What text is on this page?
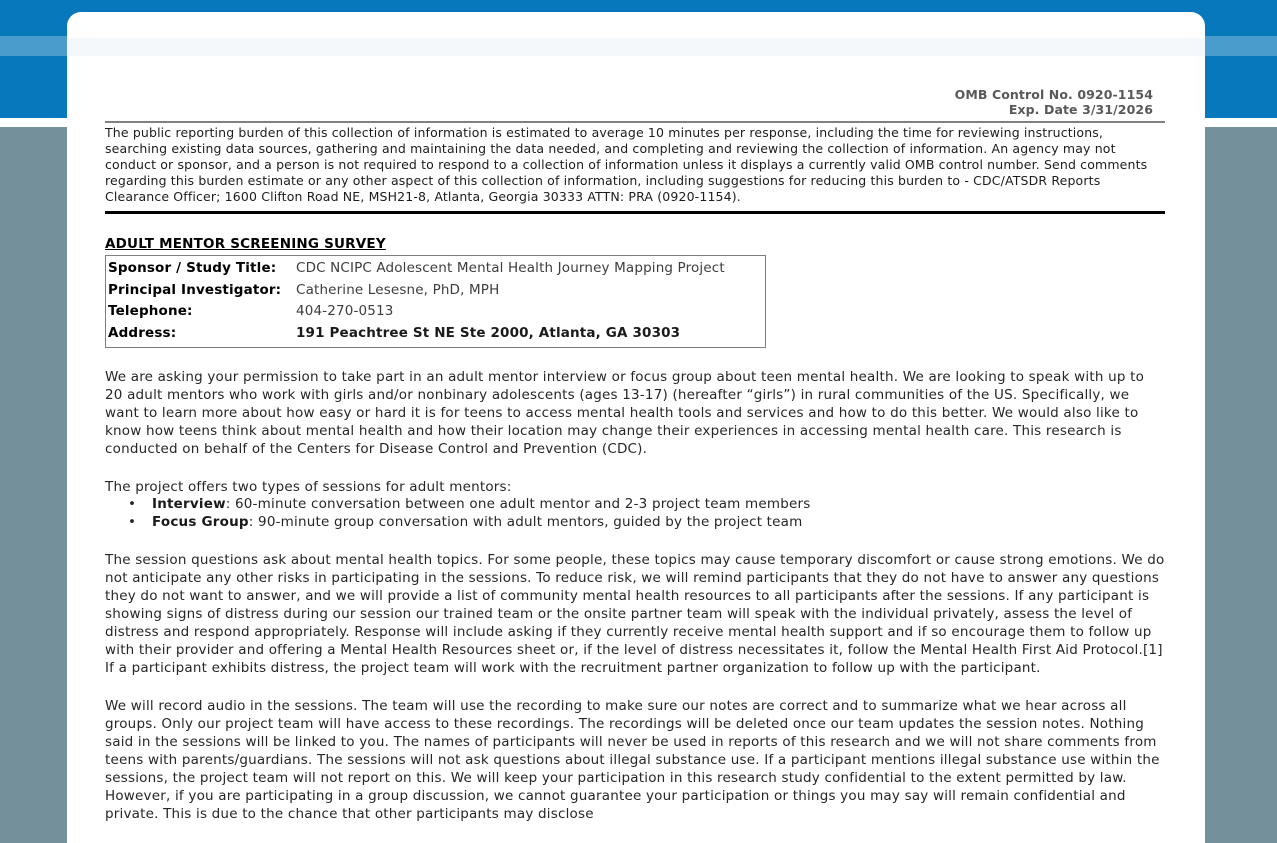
OMB Control No. 0920-1154
Exp. Date 3/31/2026
The public reporting burden of this collection of information is estimated to average 10 minutes per response, including the time for reviewing instructions, searching existing data sources, gathering and maintaining the data needed, and completing and reviewing the collection of information. An agency may not conduct or sponsor, and a person is not required to respond to a collection of information unless it displays a currently valid OMB control number. Send comments regarding this burden estimate or any other aspect of this collection of information, including suggestions for reducing this burden to - CDC/ATSDR Reports Clearance Officer; 1600 Clifton Road NE, MSH21-8, Atlanta, Georgia 30333 ATTN: PRA (0920-1154).
ADULT MENTOR SCREENING SURVEY
Sponsor / Study Title:	CDC NCIPC Adolescent Mental Health Journey Mapping Project
Principal Investigator:	Catherine Lesesne, PhD, MPH
Telephone:	404-270-0513
Address:	191 Peachtree St NE Ste 2000, Atlanta, GA 30303
We are asking your permission to take part in an adult mentor interview or focus group about teen mental health. We are looking to speak with up to 20 adult mentors who work with girls and/or nonbinary adolescents (ages 13-17) (hereafter “girls”) in rural communities of the US. Specifically, we want to learn more about how easy or hard it is for teens to access mental health tools and services and how to do this better. We would also like to know how teens think about mental health and how their location may change their experiences in accessing mental health care. This research is conducted on behalf of the Centers for Disease Control and Prevention (CDC).
The project offers two types of sessions for adult mentors:
•	Interview: 60-minute conversation between one adult mentor and 2-3 project team members
•	Focus Group: 90-minute group conversation with adult mentors, guided by the project team
The session questions ask about mental health topics. For some people, these topics may cause temporary discomfort or cause strong emotions. We do not anticipate any other risks in participating in the sessions. To reduce risk, we will remind participants that they do not have to answer any questions they do not want to answer, and we will provide a list of community mental health resources to all participants after the sessions. If any participant is showing signs of distress during our session our trained team or the onsite partner team will speak with the individual privately, assess the level of distress and respond appropriately. Response will include asking if they currently receive mental health support and if so encourage them to follow up with their provider and offering a Mental Health Resources sheet or, if the level of distress necessitates it, follow the Mental Health First Aid Protocol.[1] If a participant exhibits distress, the project team will work with the recruitment partner organization to follow up with the participant.
We will record audio in the sessions. The team will use the recording to make sure our notes are correct and to summarize what we hear across all groups. Only our project team will have access to these recordings. The recordings will be deleted once our team updates the session notes. Nothing said in the sessions will be linked to you. The names of participants will never be used in reports of this research and we will not share comments from teens with parents/guardians. The sessions will not ask questions about illegal substance use. If a participant mentions illegal substance use within the sessions, the project team will not report on this. We will keep your participation in this research study confidential to the extent permitted by law. However, if you are participating in a group discussion, we cannot guarantee your participation or things you may say will remain confidential and private. This is due to the chance that other participants may disclose
